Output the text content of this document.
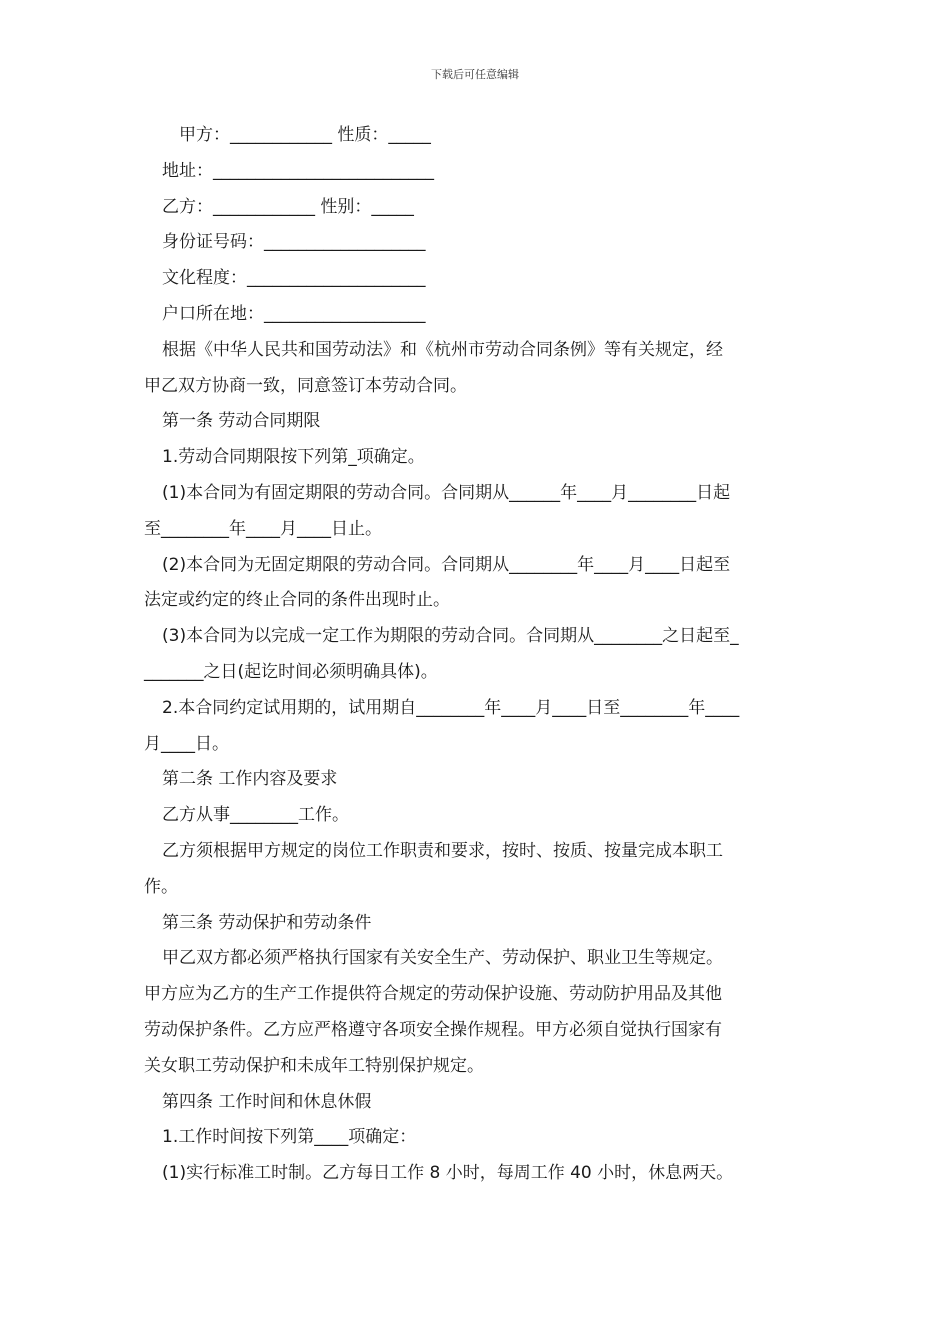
下载后可任意编辑
　甲方：____________ 性质：_____
地址：__________________________
乙方：____________ 性别：_____
身份证号码：___________________
文化程度：_____________________
户口所在地：___________________
根据《中华人民共和国劳动法》和《杭州市劳动合同条例》等有关规定，经
甲乙双方协商一致，同意签订本劳动合同。
第一条 劳动合同期限
1.劳动合同期限按下列第_项确定。
(1)本合同为有固定期限的劳动合同。合同期从______年____月________日起
至________年____月____日止。
(2)本合同为无固定期限的劳动合同。合同期从________年____月____日起至
法定或约定的终止合同的条件出现时止。
(3)本合同为以完成一定工作为期限的劳动合同。合同期从________之日起至_
_______之日(起讫时间必须明确具体)。
2.本合同约定试用期的，试用期自________年____月____日至________年____
月____日。
第二条 工作内容及要求
乙方从事________工作。
乙方须根据甲方规定的岗位工作职责和要求，按时、按质、按量完成本职工
作。
第三条 劳动保护和劳动条件
甲乙双方都必须严格执行国家有关安全生产、劳动保护、职业卫生等规定。
甲方应为乙方的生产工作提供符合规定的劳动保护设施、劳动防护用品及其他
劳动保护条件。乙方应严格遵守各项安全操作规程。甲方必须自觉执行国家有
关女职工劳动保护和未成年工特别保护规定。
第四条 工作时间和休息休假
1.工作时间按下列第____项确定：
(1)实行标准工时制。乙方每日工作 8 小时，每周工作 40 小时，休息两天。
